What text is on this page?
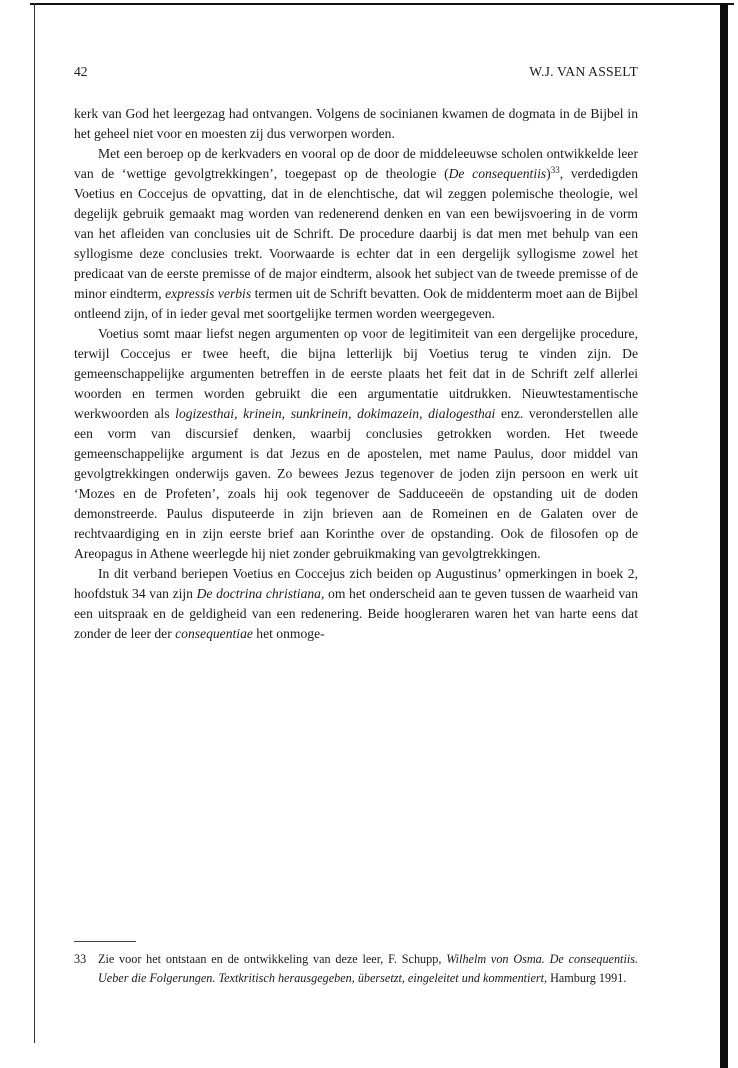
42	W.J. VAN ASSELT

kerk van God het leergezag had ontvangen. Volgens de socinianen kwamen de dogmata in de Bijbel in het geheel niet voor en moesten zij dus verworpen worden.

Met een beroep op de kerkvaders en vooral op de door de middeleeuwse scholen ontwikkelde leer van de ‘wettige gevolgtrekkingen’, toegepast op de theologie (De consequentiis)$^{33}$, verdedigden Voetius en Coccejus de opvatting, dat in de elenchtische, dat wil zeggen polemische theologie, wel degelijk gebruik gemaakt mag worden van redenerend denken en van een bewijsvoering in de vorm van het afleiden van conclusies uit de Schrift. De procedure daarbij is dat men met behulp van een syllogisme deze conclusies trekt. Voorwaarde is echter dat in een dergelijk syllogisme zowel het predicaat van de eerste premisse of de major eindterm, alsook het subject van de tweede premisse of de minor eindterm, expressis verbis termen uit de Schrift bevatten. Ook de middenterm moet aan de Bijbel ontleend zijn, of in ieder geval met soortgelijke termen worden weergegeven.

Voetius somt maar liefst negen argumenten op voor de legitimiteit van een dergelijke procedure, terwijl Coccejus er twee heeft, die bijna letterlijk bij Voetius terug te vinden zijn. De gemeenschappelijke argumenten betreffen in de eerste plaats het feit dat in de Schrift zelf allerlei woorden en termen worden gebruikt die een argumentatie uitdrukken. Nieuwtestamentische werkwoorden als logizesthai, krinein, sunkrinein, dokimazein, dialogesthai enz. veronderstellen alle een vorm van discursief denken, waarbij conclusies getrokken worden. Het tweede gemeenschappelijke argument is dat Jezus en de apostelen, met name Paulus, door middel van gevolgtrekkingen onderwijs gaven. Zo bewees Jezus tegenover de joden zijn persoon en werk uit ‘Mozes en de Profeten’, zoals hij ook tegenover de Sadduceeën de opstanding uit de doden demonstreerde. Paulus disputeerde in zijn brieven aan de Romeinen en de Galaten over de rechtvaardiging en in zijn eerste brief aan Korinthe over de opstanding. Ook de filosofen op de Areopagus in Athene weerlegde hij niet zonder gebruikmaking van gevolgtrekkingen.

In dit verband beriepen Voetius en Coccejus zich beiden op Augustinus’ opmerkingen in boek 2, hoofdstuk 34 van zijn De doctrina christiana, om het onderscheid aan te geven tussen de waarheid van een uitspraak en de geldigheid van een redenering. Beide hoogleraren waren het van harte eens dat zonder de leer der consequentiae het onmoge-

33 Zie voor het ontstaan en de ontwikkeling van deze leer, F. Schupp, Wilhelm von Osma. De consequentiis. Ueber die Folgerungen. Textkritisch herausgegeben, übersetzt, eingeleitet und kommentiert, Hamburg 1991.
